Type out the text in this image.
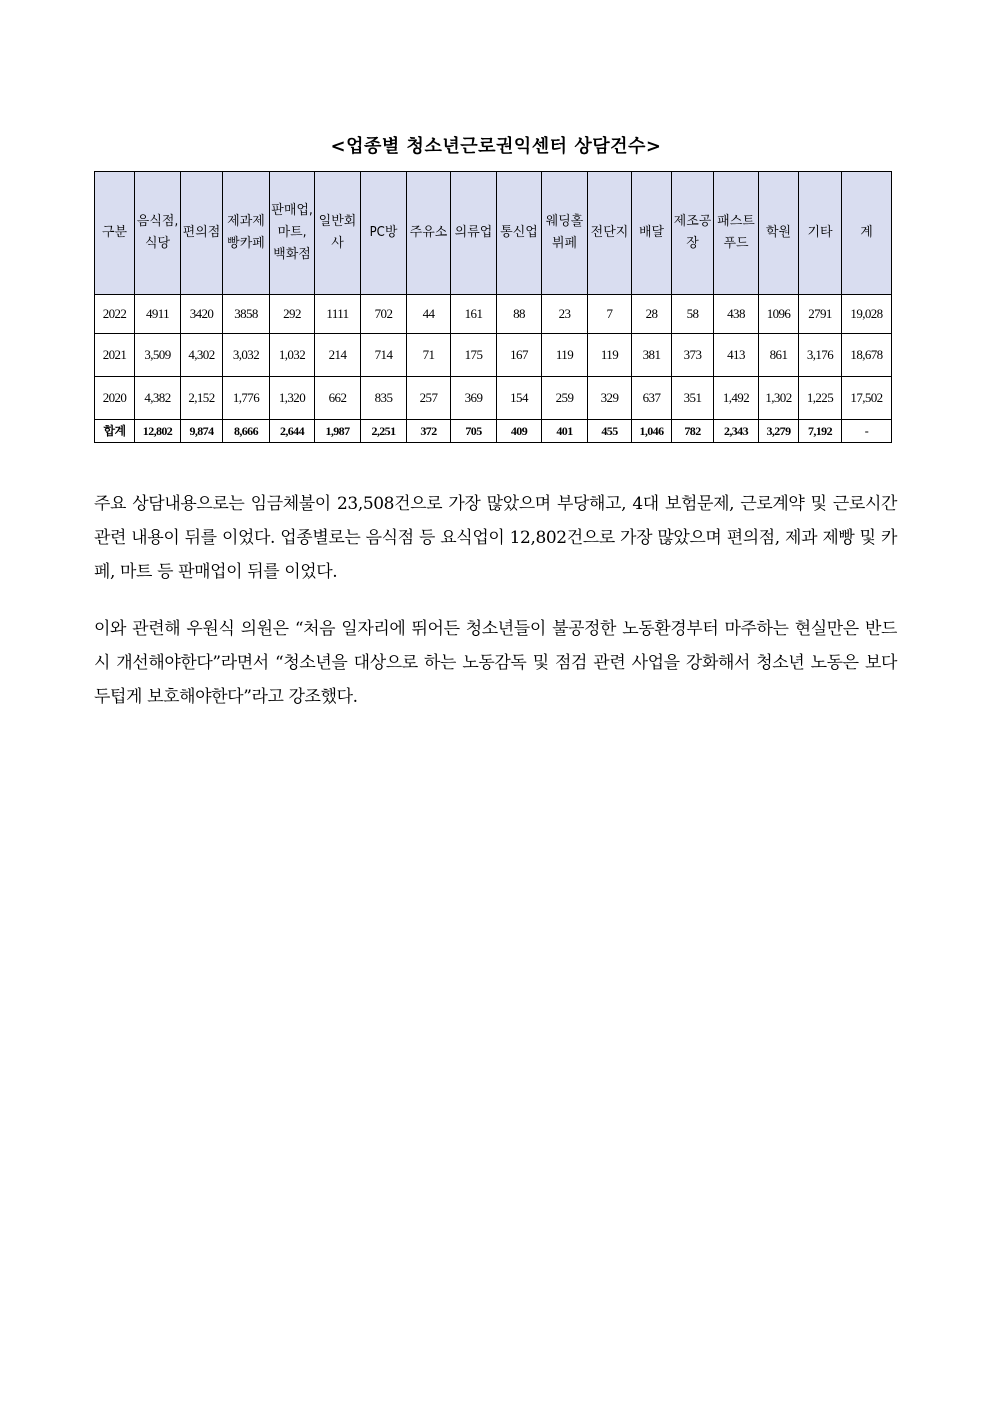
<업종별 청소년근로권익센터 상담건수>
구분	음식점, 식당	편의점	제과제빵카페	판매업, 마트, 백화점	일반회사	PC방	주유소	의류업	통신업	웨딩홀뷔페	전단지	배달	제조공장	패스트푸드	학원	기타	계
2022	4911	3420	3858	292	1111	702	44	161	88	23	7	28	58	438	1096	2791	19,028
2021	3,509	4,302	3,032	1,032	214	714	71	175	167	119	119	381	373	413	861	3,176	18,678
2020	4,382	2,152	1,776	1,320	662	835	257	369	154	259	329	637	351	1,492	1,302	1,225	17,502
합계	12,802	9,874	8,666	2,644	1,987	2,251	372	705	409	401	455	1,046	782	2,343	3,279	7,192	-

주요 상담내용으로는 임금체불이 23,508건으로 가장 많았으며 부당해고, 4대 보험문제, 근로계약 및 근로시간 관련 내용이 뒤를 이었다. 업종별로는 음식점 등 요식업이 12,802건으로 가장 많았으며 편의점, 제과 제빵 및 카페, 마트 등 판매업이 뒤를 이었다.

이와 관련해 우원식 의원은 “처음 일자리에 뛰어든 청소년들이 불공정한 노동환경부터 마주하는 현실만은 반드시 개선해야한다”라면서 “청소년을 대상으로 하는 노동감독 및 점검 관련 사업을 강화해서 청소년 노동은 보다 두텁게 보호해야한다”라고 강조했다.
